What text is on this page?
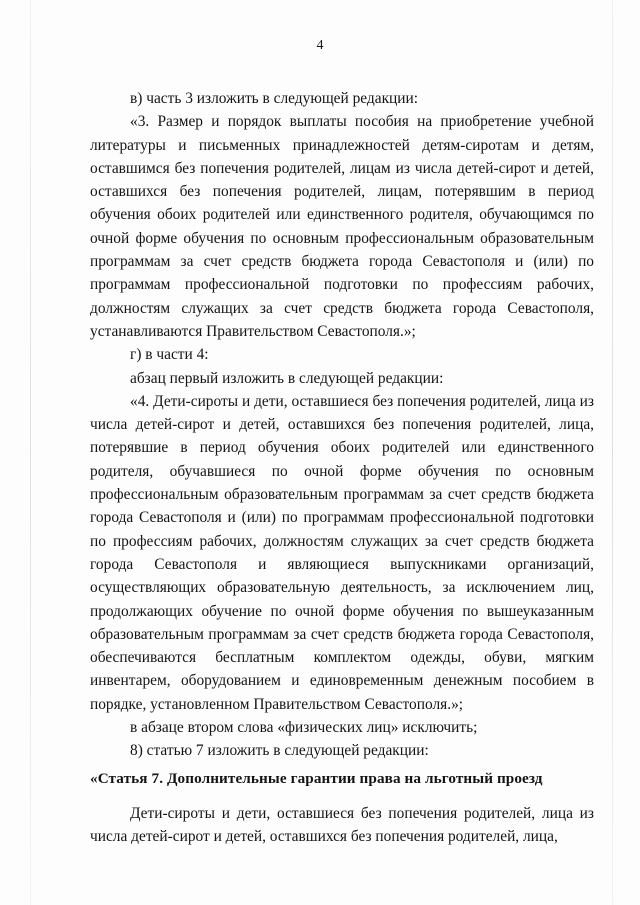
4

в) часть 3 изложить в следующей редакции:

«3. Размер и порядок выплаты пособия на приобретение учебной литературы и письменных принадлежностей детям-сиротам и детям, оставшимся без попечения родителей, лицам из числа детей-сирот и детей, оставшихся без попечения родителей, лицам, потерявшим в период обучения обоих родителей или единственного родителя, обучающимся по очной форме обучения по основным профессиональным образовательным программам за счет средств бюджета города Севастополя и (или) по программам профессиональной подготовки по профессиям рабочих, должностям служащих за счет средств бюджета города Севастополя, устанавливаются Правительством Севастополя.»;

г) в части 4:

абзац первый изложить в следующей редакции:

«4. Дети-сироты и дети, оставшиеся без попечения родителей, лица из числа детей-сирот и детей, оставшихся без попечения родителей, лица, потерявшие в период обучения обоих родителей или единственного родителя, обучавшиеся по очной форме обучения по основным профессиональным образовательным программам за счет средств бюджета города Севастополя и (или) по программам профессиональной подготовки по профессиям рабочих, должностям служащих за счет средств бюджета города Севастополя и являющиеся выпускниками организаций, осуществляющих образовательную деятельность, за исключением лиц, продолжающих обучение по очной форме обучения по вышеуказанным образовательным программам за счет средств бюджета города Севастополя, обеспечиваются бесплатным комплектом одежды, обуви, мягким инвентарем, оборудованием и единовременным денежным пособием в порядке, установленном Правительством Севастополя.»;

в абзаце втором слова «физических лиц» исключить;

8) статью 7 изложить в следующей редакции:

«Статья 7. Дополнительные гарантии права на льготный проезд

Дети-сироты и дети, оставшиеся без попечения родителей, лица из числа детей-сирот и детей, оставшихся без попечения родителей, лица,
